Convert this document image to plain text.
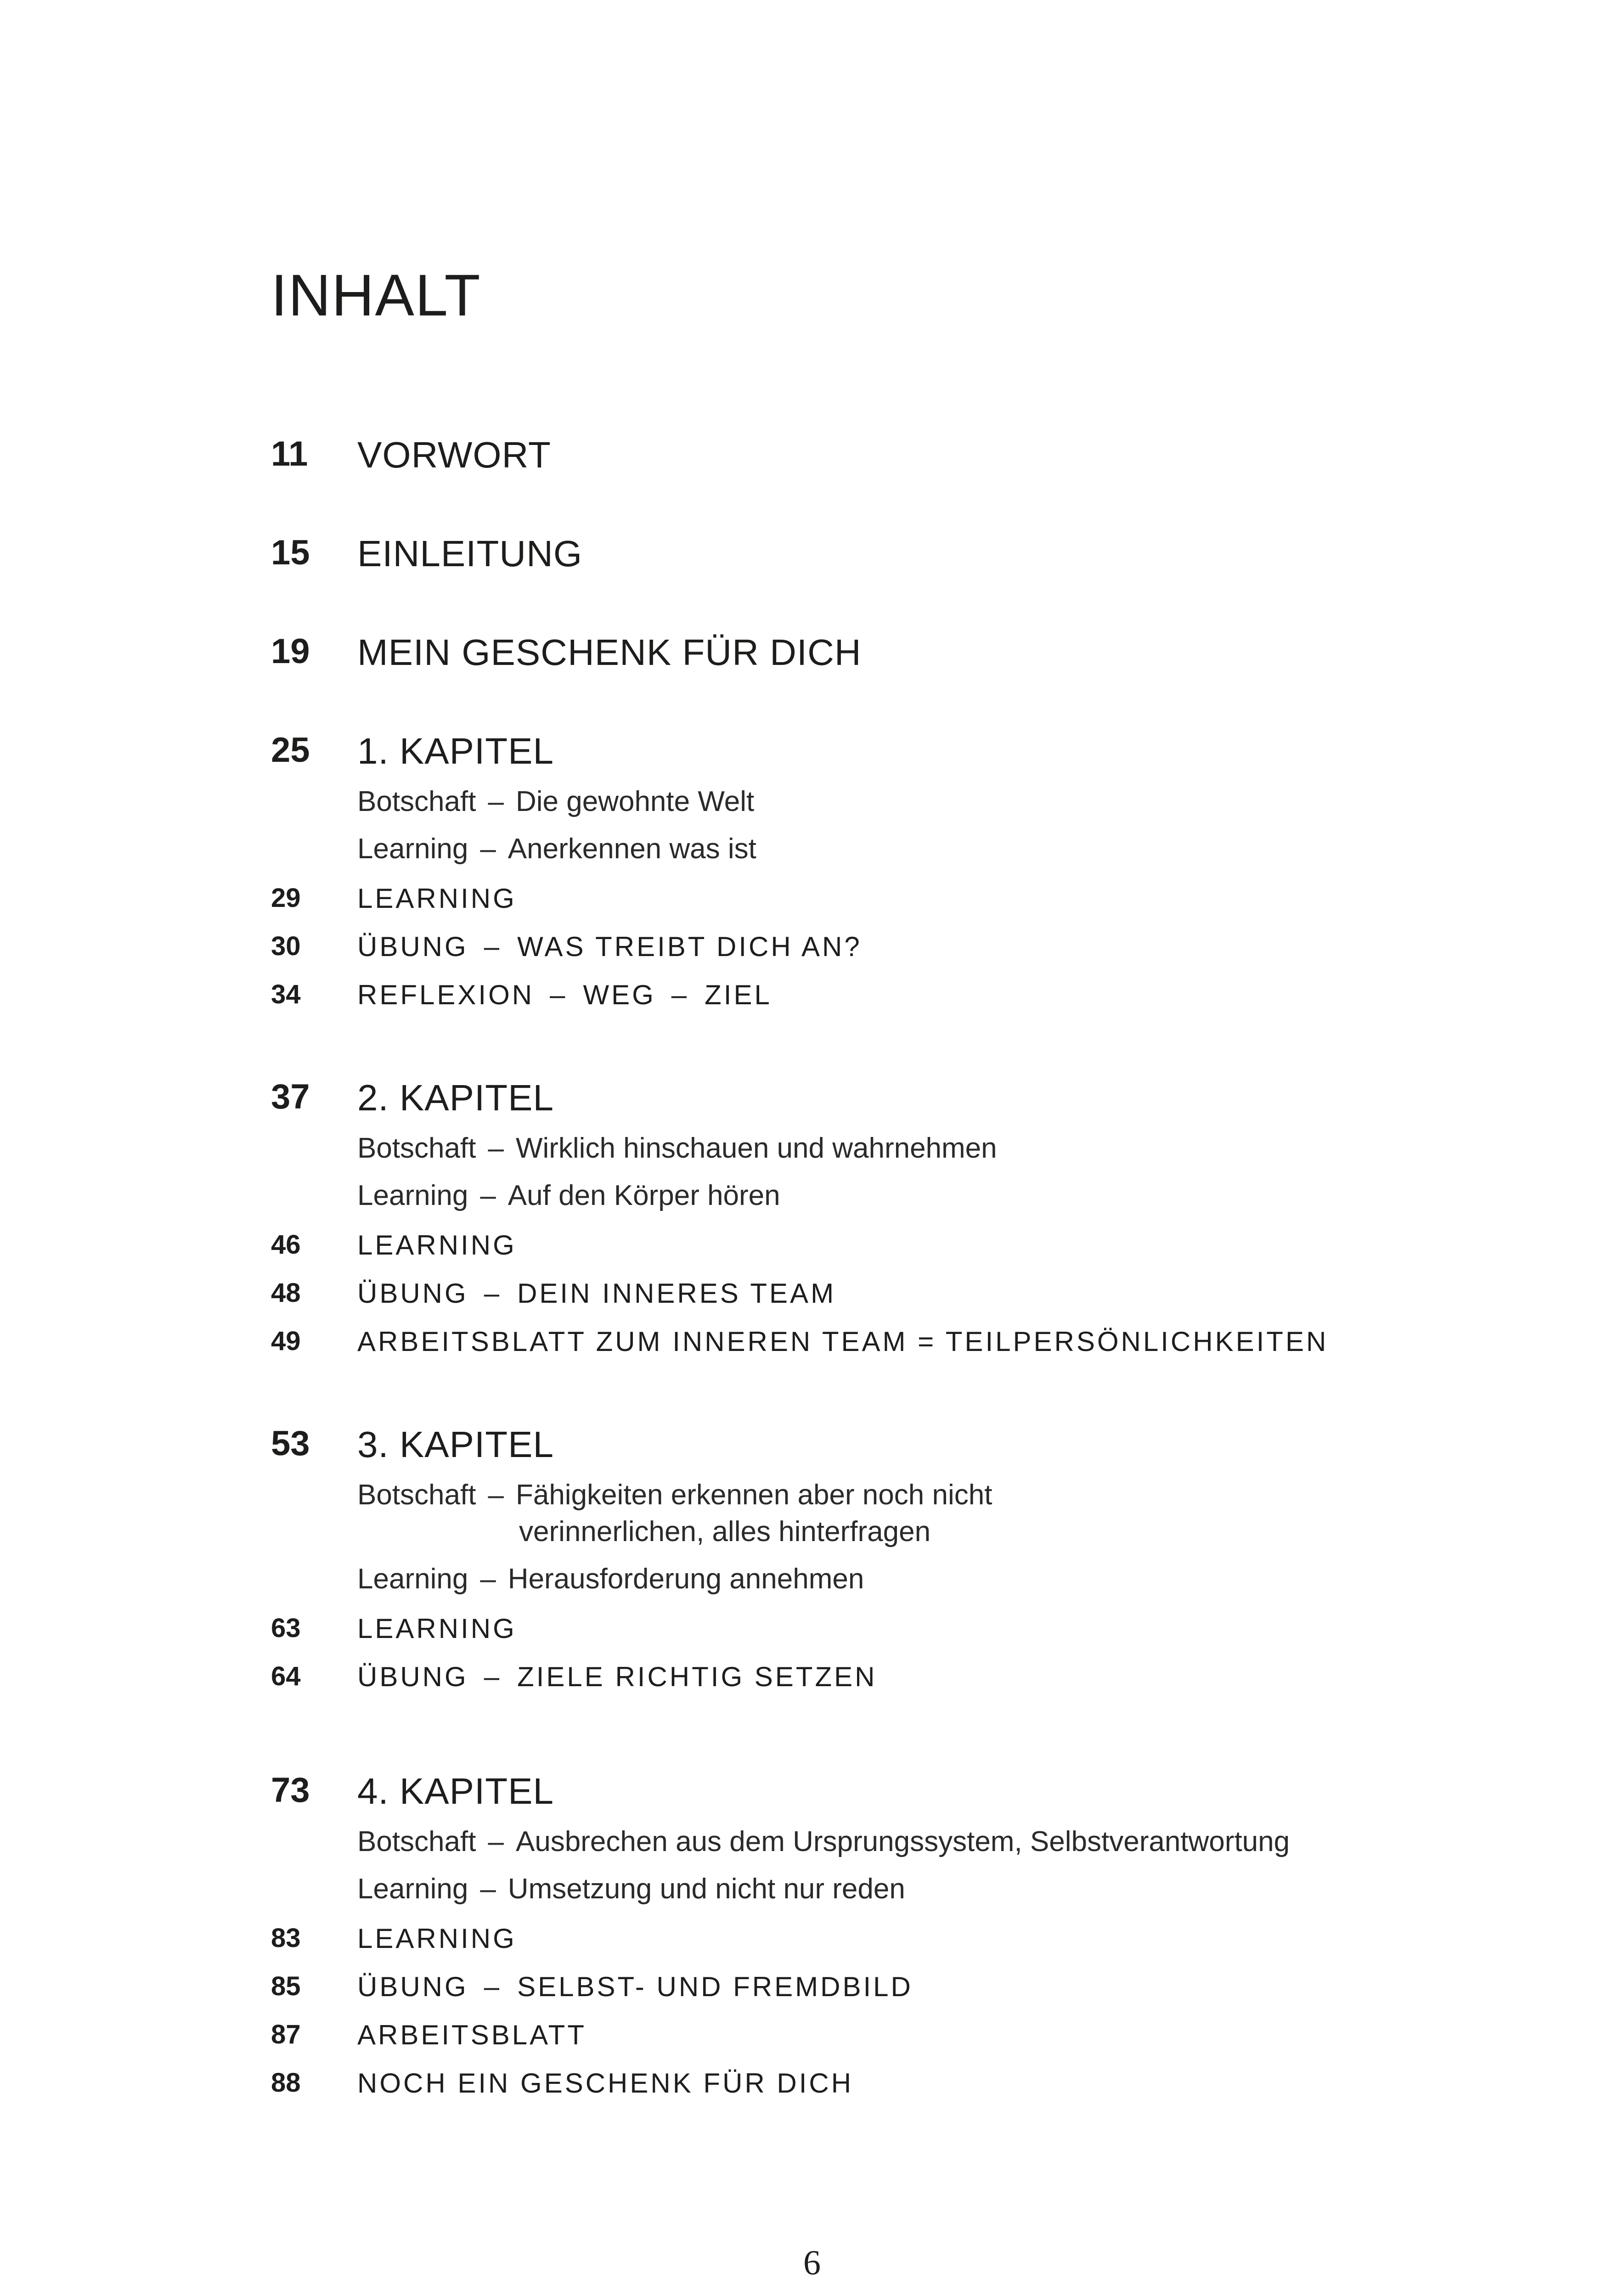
INHALT
11 VORWORT
15 EINLEITUNG
19 MEIN GESCHENK FÜR DICH
25 1. KAPITEL
Botschaft – Die gewohnte Welt
Learning – Anerkennen was ist
29 LEARNING
30 ÜBUNG – WAS TREIBT DICH AN?
34 REFLEXION – WEG – ZIEL
37 2. KAPITEL
Botschaft – Wirklich hinschauen und wahrnehmen
Learning – Auf den Körper hören
46 LEARNING
48 ÜBUNG – DEIN INNERES TEAM
49 ARBEITSBLATT ZUM INNEREN TEAM = TEILPERSÖNLICHKEITEN
53 3. KAPITEL
Botschaft – Fähigkeiten erkennen aber noch nicht
verinnerlichen, alles hinterfragen
Learning – Herausforderung annehmen
63 LEARNING
64 ÜBUNG – ZIELE RICHTIG SETZEN
73 4. KAPITEL
Botschaft – Ausbrechen aus dem Ursprungssystem, Selbstverantwortung
Learning – Umsetzung und nicht nur reden
83 LEARNING
85 ÜBUNG – SELBST- UND FREMDBILD
87 ARBEITSBLATT
88 NOCH EIN GESCHENK FÜR DICH
6
